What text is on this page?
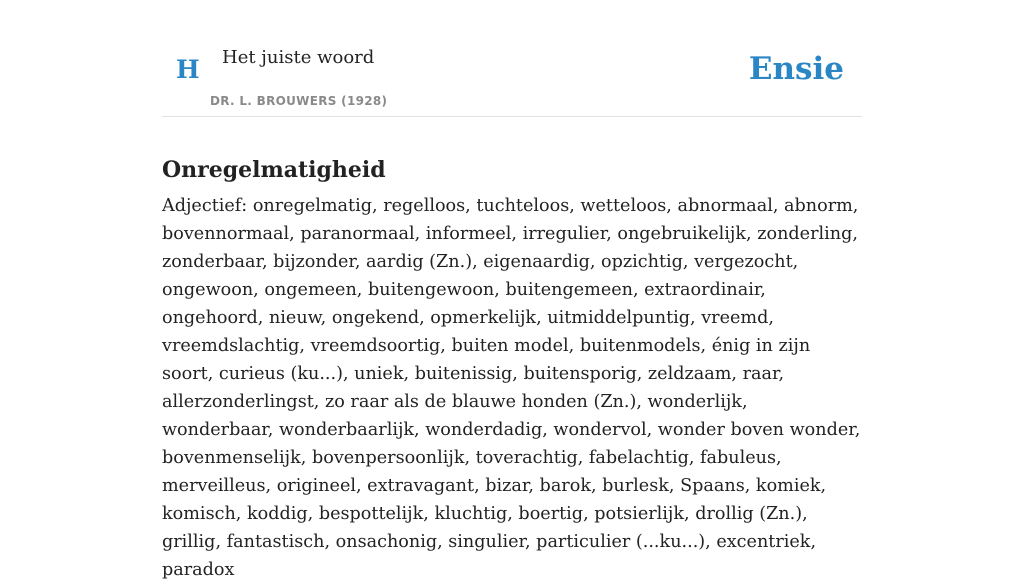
H Het juiste woord
DR. L. BROUWERS (1928)
Ensie
Onregelmatigheid

Adjectief: onregelmatig, regelloos, tuchteloos, wetteloos, abnormaal, abnorm, bovennormaal, paranormaal, informeel, irregulier, ongebruikelijk, zonderling, zonderbaar, bijzonder, aardig (Zn.), eigenaardig, opzichtig, vergezocht, ongewoon, ongemeen, buitengewoon, buitengemeen, extraordinair, ongehoord, nieuw, ongekend, opmerkelijk, uitmiddelpuntig, vreemd, vreemdslachtig, vreemdsoortig, buiten model, buitenmodels, énig in zijn soort, curieus (ku...), uniek, buitenissig, buitensporig, zeldzaam, raar, allerzonderlingst, zo raar als de blauwe honden (Zn.), wonderlijk, wonderbaar, wonderbaarlijk, wonderdadig, wondervol, wonder boven wonder, bovenmenselijk, bovenpersoonlijk, toverachtig, fabelachtig, fabuleus, merveilleus, origineel, extravagant, bizar, barok, burlesk, Spaans, komiek, komisch, koddig, bespottelijk, kluchtig, boertig, potsierlijk, drollig (Zn.), grillig, fantastisch, onsachonig, singulier, particulier (...ku...), excentriek, paradox
